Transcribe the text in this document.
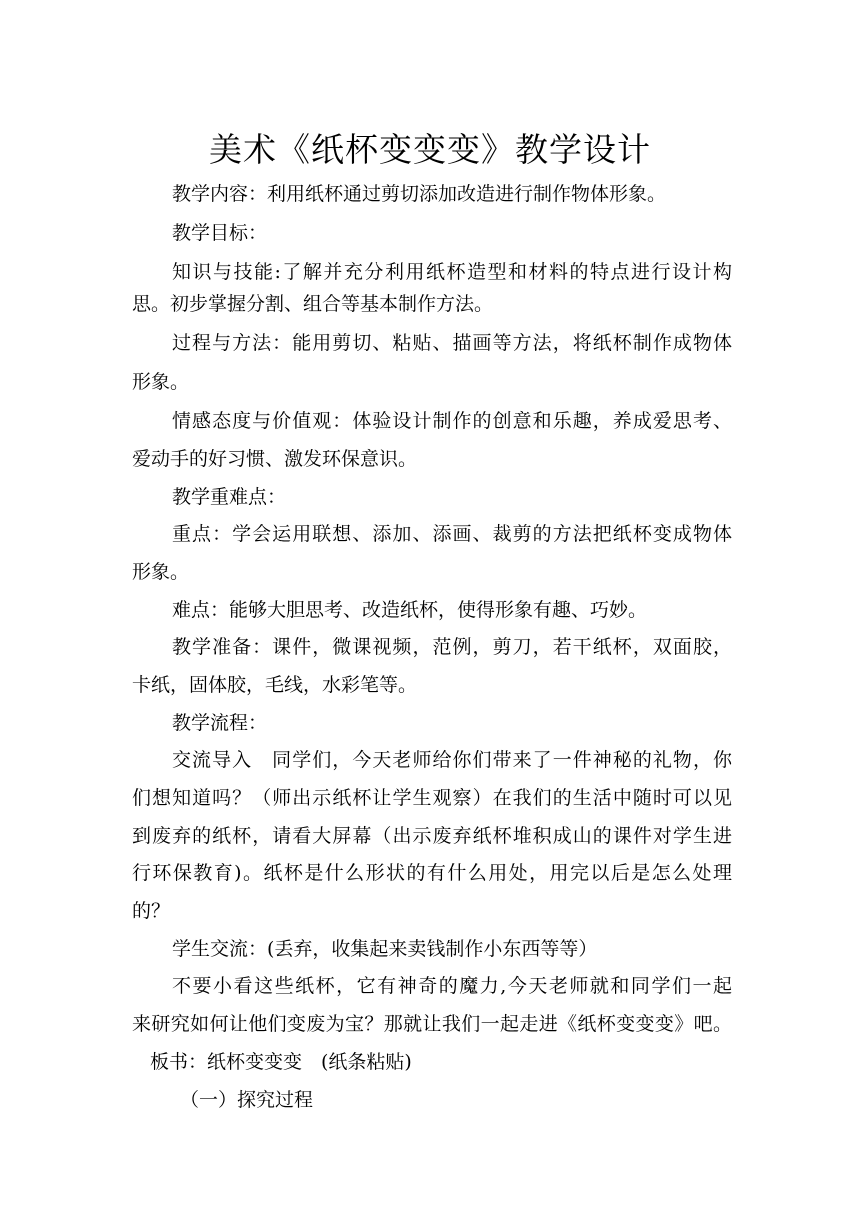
美术《纸杯变变变》教学设计
教学内容：利用纸杯通过剪切添加改造进行制作物体形象。
教学目标：
知识与技能:了解并充分利用纸杯造型和材料的特点进行设计构
思。初步掌握分割、组合等基本制作方法。
过程与方法：能用剪切、粘贴、描画等方法，将纸杯制作成物体
形象。
情感态度与价值观：体验设计制作的创意和乐趣，养成爱思考、
爱动手的好习惯、激发环保意识。
教学重难点：
重点：学会运用联想、添加、添画、裁剪的方法把纸杯变成物体
形象。
难点：能够大胆思考、改造纸杯，使得形象有趣、巧妙。
教学准备：课件，微课视频，范例，剪刀，若干纸杯，双面胶，
卡纸，固体胶，毛线，水彩笔等。
教学流程：
交流导入　同学们，今天老师给你们带来了一件神秘的礼物，你
们想知道吗？（师出示纸杯让学生观察）在我们的生活中随时可以见
到废弃的纸杯，请看大屏幕（出示废弃纸杯堆积成山的课件对学生进
行环保教育)。纸杯是什么形状的有什么用处，用完以后是怎么处理
的？
学生交流：(丢弃，收集起来卖钱制作小东西等等）
不要小看这些纸杯，它有神奇的魔力,今天老师就和同学们一起
来研究如何让他们变废为宝？那就让我们一起走进《纸杯变变变》吧。
板书：纸杯变变变　(纸条粘贴)
（一）探究过程
